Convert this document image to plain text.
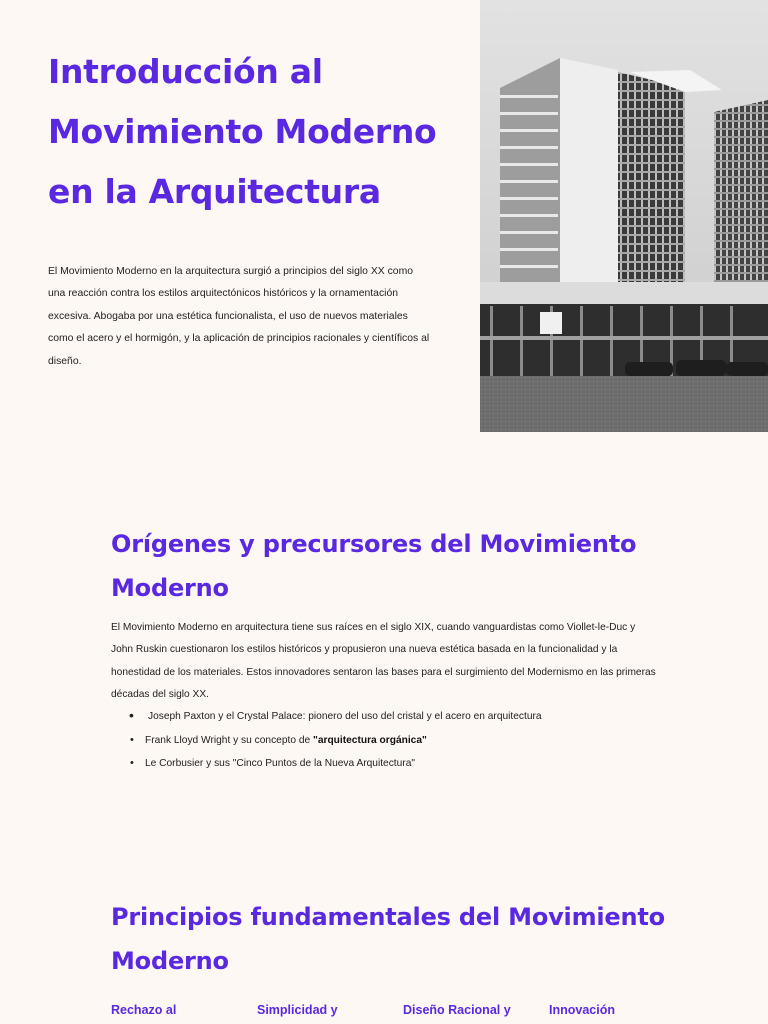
Introducción al
Movimiento Moderno
en la Arquitectura

El Movimiento Moderno en la arquitectura surgió a principios del siglo XX como una reacción contra los estilos arquitectónicos históricos y la ornamentación excesiva. Abogaba por una estética funcionalista, el uso de nuevos materiales como el acero y el hormigón, y la aplicación de principios racionales y científicos al diseño.

Orígenes y precursores del Movimiento Moderno

El Movimiento Moderno en arquitectura tiene sus raíces en el siglo XIX, cuando vanguardistas como Viollet-le-Duc y John Ruskin cuestionaron los estilos históricos y propusieron una nueva estética basada en la funcionalidad y la honestidad de los materiales. Estos innovadores sentaron las bases para el surgimiento del Modernismo en las primeras décadas del siglo XX.

• Joseph Paxton y el Crystal Palace: pionero del uso del cristal y el acero en arquitectura
• Frank Lloyd Wright y su concepto de "arquitectura orgánica"
• Le Corbusier y sus "Cinco Puntos de la Nueva Arquitectura"
Principios fundamentales del Movimiento Moderno
Rechazo al	Simplicidad y	Diseño Racional y	Innovación
